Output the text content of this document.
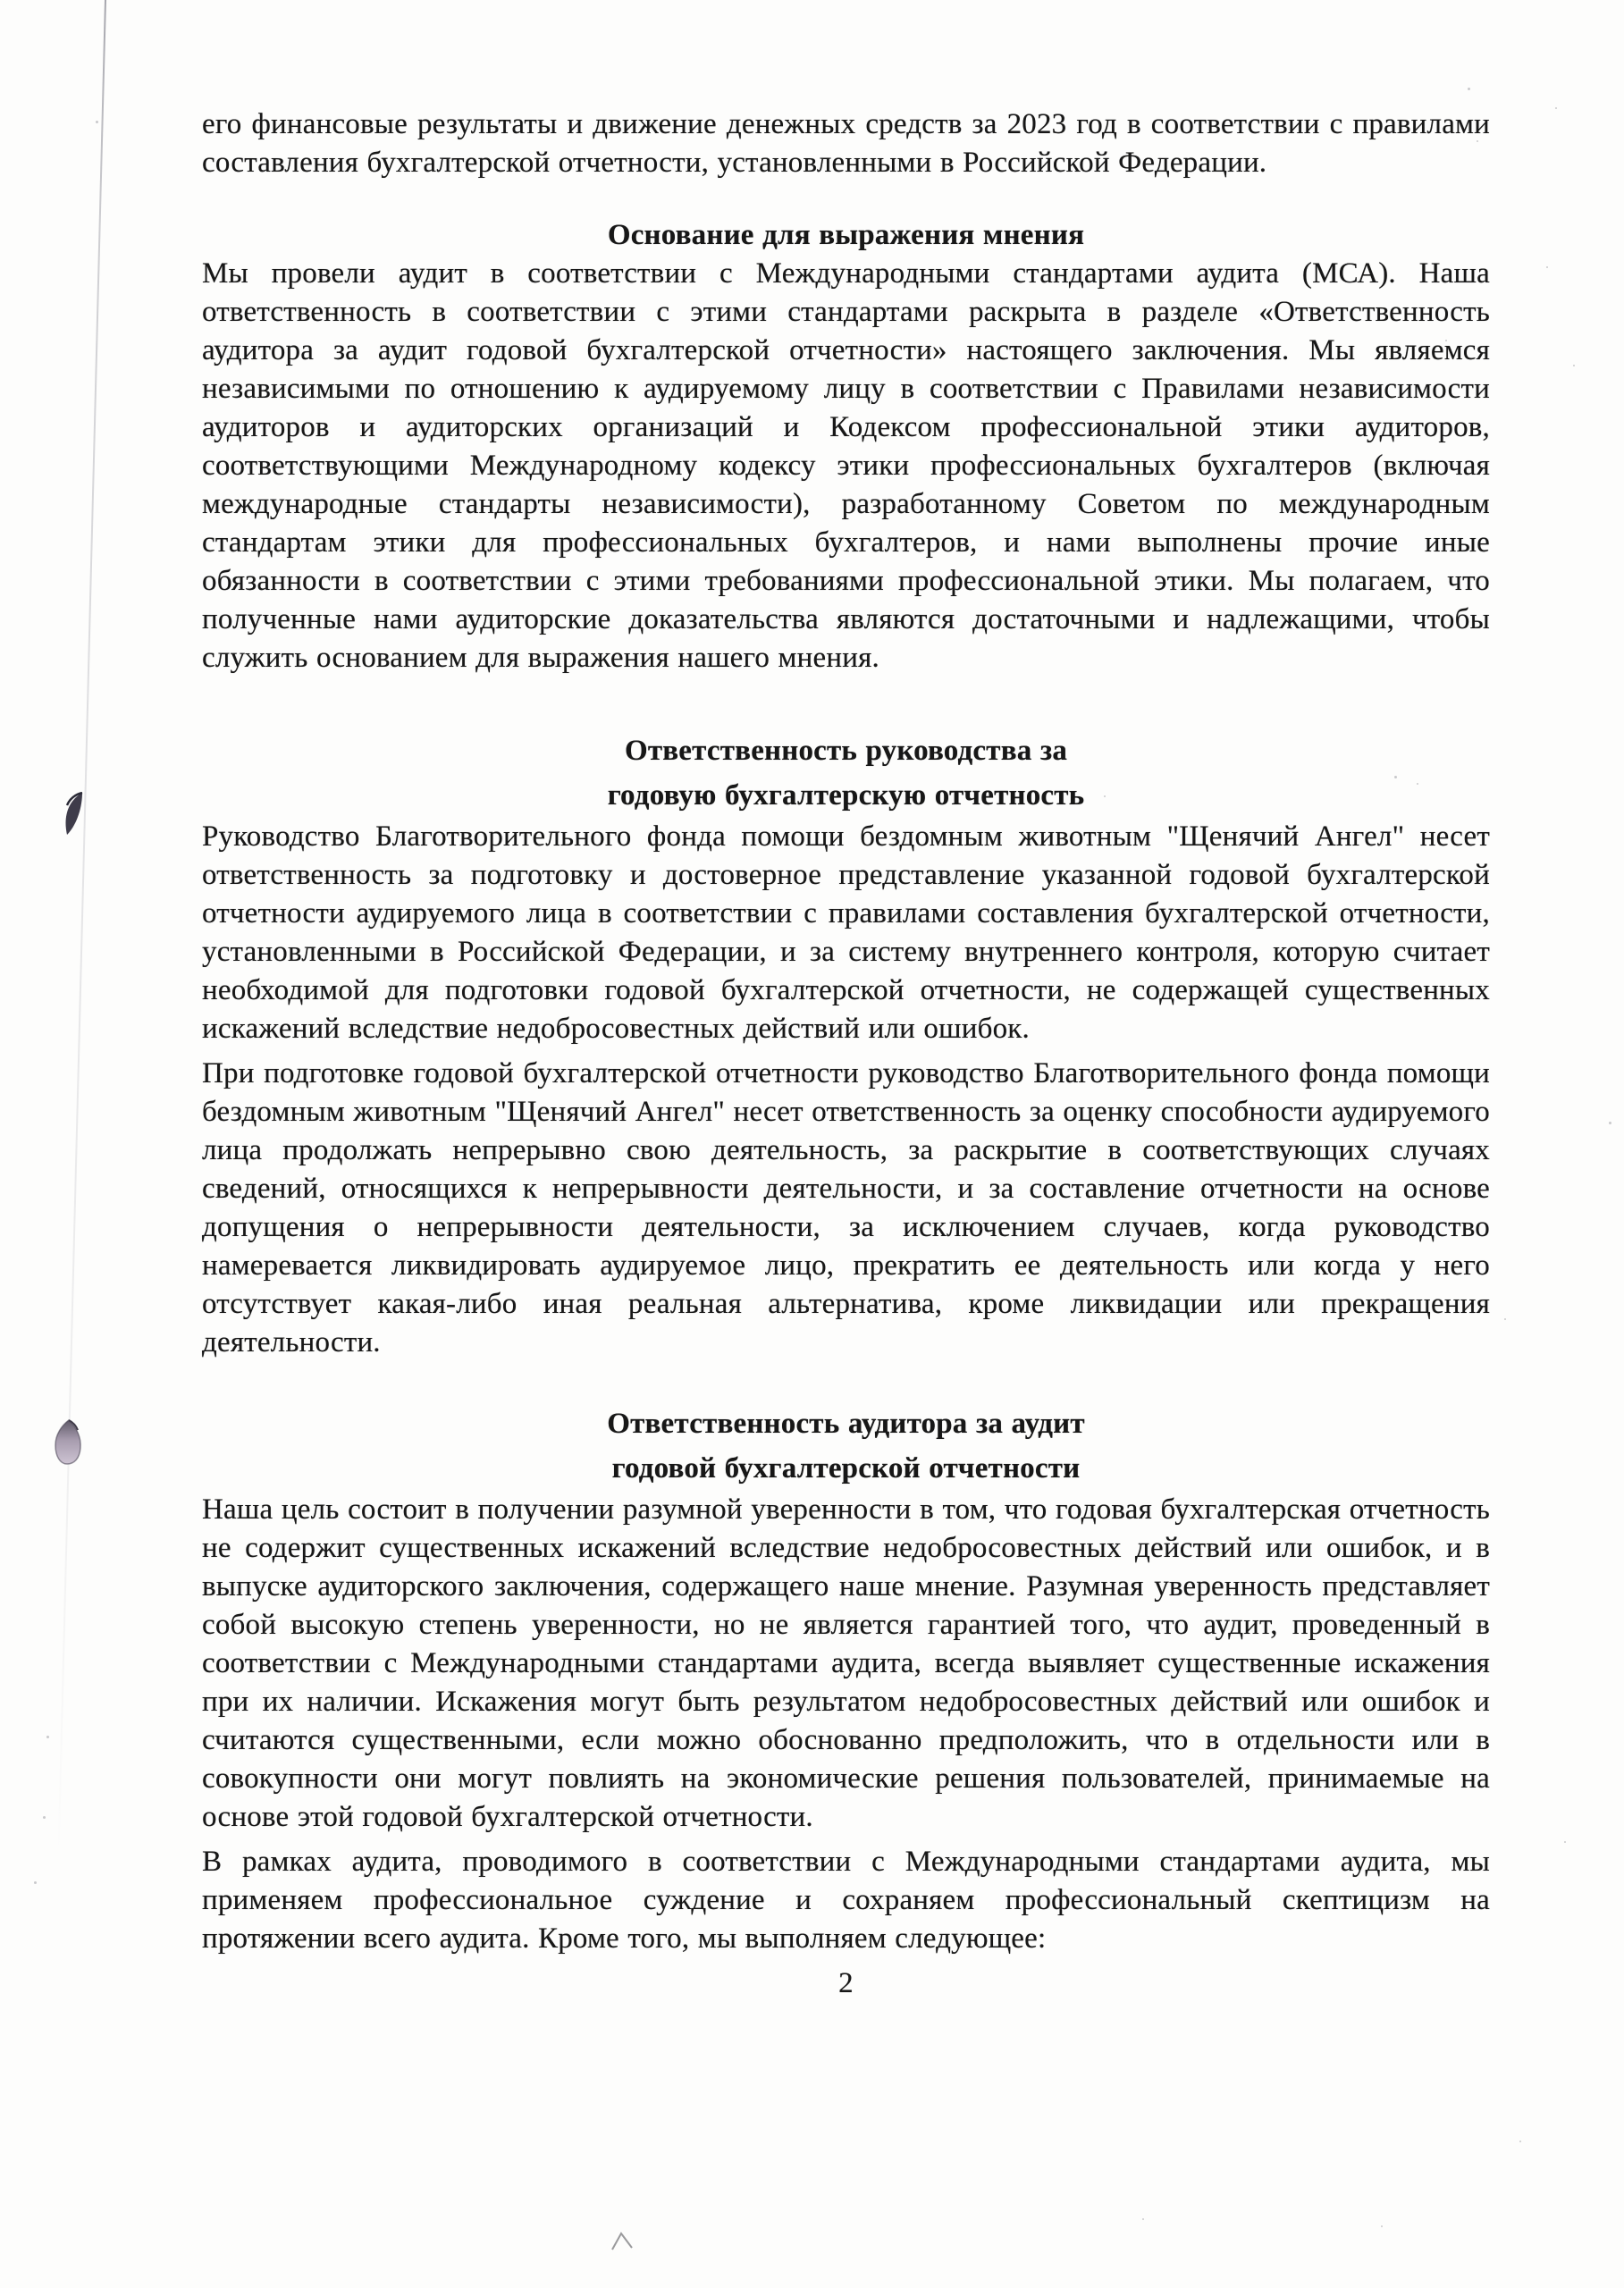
его финансовые результаты и движение денежных средств за 2023 год в соответствии с правилами составления бухгалтерской отчетности, установленными в Российской Федерации.

Основание для выражения мнения

Мы провели аудит в соответствии с Международными стандартами аудита (МСА). Наша ответственность в соответствии с этими стандартами раскрыта в разделе «Ответственность аудитора за аудит годовой бухгалтерской отчетности» настоящего заключения. Мы являемся независимыми по отношению к аудируемому лицу в соответствии с Правилами независимости аудиторов и аудиторских организаций и Кодексом профессиональной этики аудиторов, соответствующими Международному кодексу этики профессиональных бухгалтеров (включая международные стандарты независимости), разработанному Советом по международным стандартам этики для профессиональных бухгалтеров, и нами выполнены прочие иные обязанности в соответствии с этими требованиями профессиональной этики. Мы полагаем, что полученные нами аудиторские доказательства являются достаточными и надлежащими, чтобы служить основанием для выражения нашего мнения.

Ответственность руководства за
годовую бухгалтерскую отчетность

Руководство Благотворительного фонда помощи бездомным животным "Щенячий Ангел" несет ответственность за подготовку и достоверное представление указанной годовой бухгалтерской отчетности аудируемого лица в соответствии с правилами составления бухгалтерской отчетности, установленными в Российской Федерации, и за систему внутреннего контроля, которую считает необходимой для подготовки годовой бухгалтерской отчетности, не содержащей существенных искажений вследствие недобросовестных действий или ошибок.

При подготовке годовой бухгалтерской отчетности руководство Благотворительного фонда помощи бездомным животным "Щенячий Ангел" несет ответственность за оценку способности аудируемого лица продолжать непрерывно свою деятельность, за раскрытие в соответствующих случаях сведений, относящихся к непрерывности деятельности, и за составление отчетности на основе допущения о непрерывности деятельности, за исключением случаев, когда руководство намеревается ликвидировать аудируемое лицо, прекратить ее деятельность или когда у него отсутствует какая-либо иная реальная альтернатива, кроме ликвидации или прекращения деятельности.

Ответственность аудитора за аудит
годовой бухгалтерской отчетности

Наша цель состоит в получении разумной уверенности в том, что годовая бухгалтерская отчетность не содержит существенных искажений вследствие недобросовестных действий или ошибок, и в выпуске аудиторского заключения, содержащего наше мнение. Разумная уверенность представляет собой высокую степень уверенности, но не является гарантией того, что аудит, проведенный в соответствии с Международными стандартами аудита, всегда выявляет существенные искажения при их наличии. Искажения могут быть результатом недобросовестных действий или ошибок и считаются существенными, если можно обоснованно предположить, что в отдельности или в совокупности они могут повлиять на экономические решения пользователей, принимаемые на основе этой годовой бухгалтерской отчетности.

В рамках аудита, проводимого в соответствии с Международными стандартами аудита, мы применяем профессиональное суждение и сохраняем профессиональный скептицизм на протяжении всего аудита. Кроме того, мы выполняем следующее:

2
